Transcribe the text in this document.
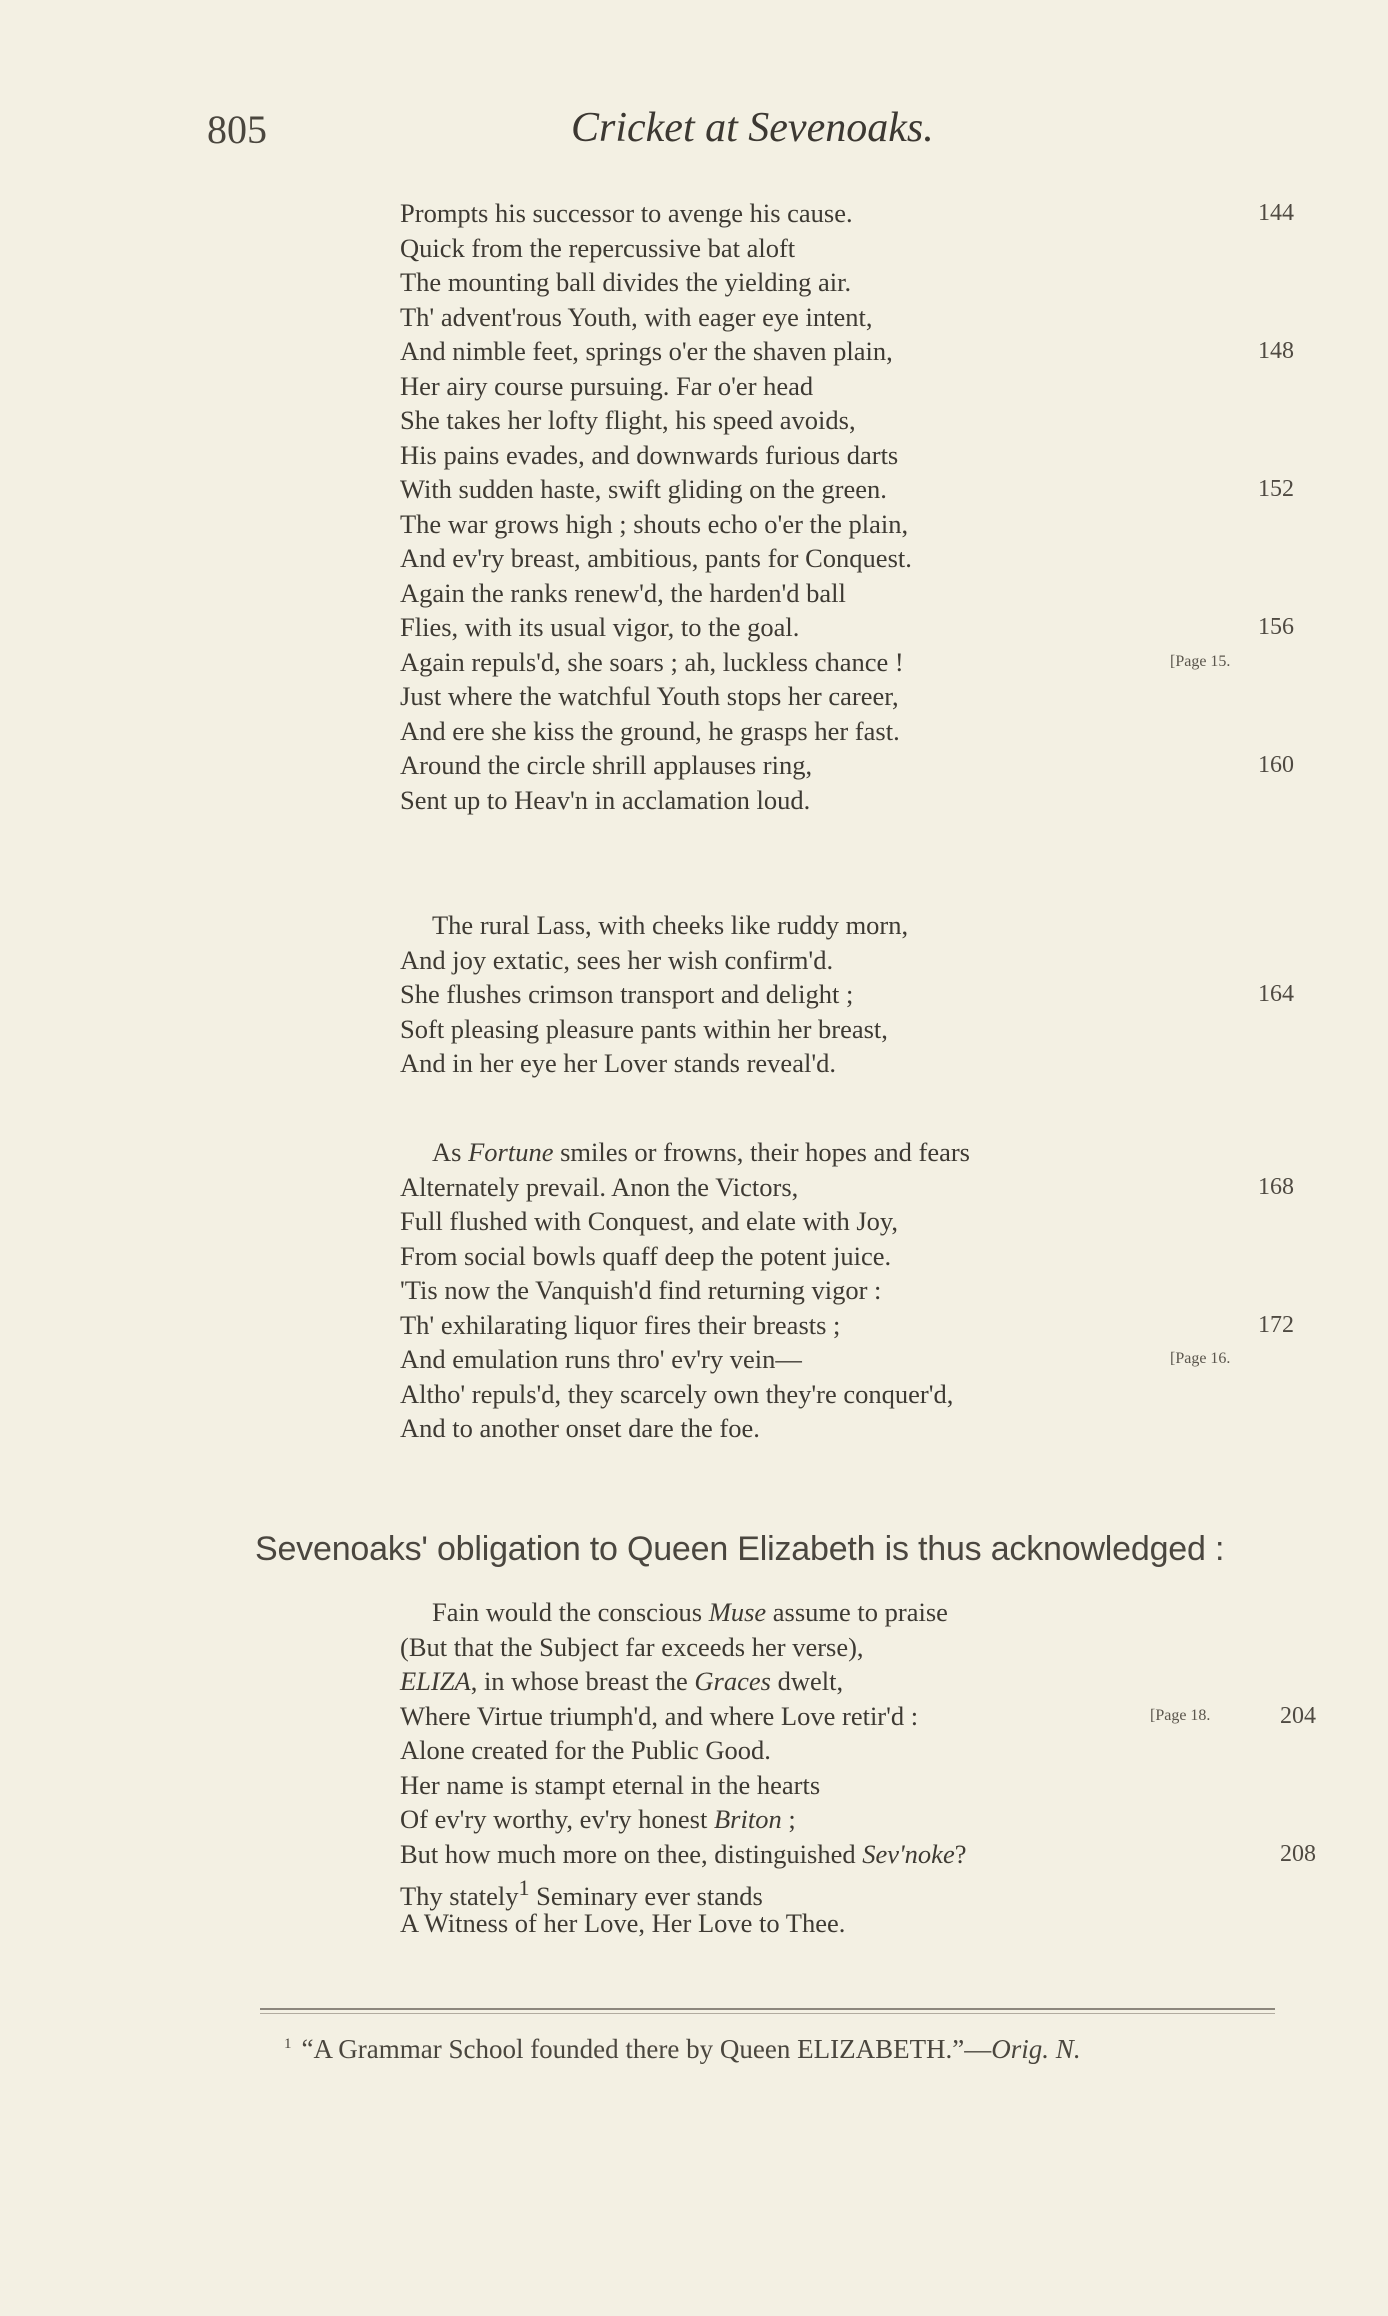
805	Cricket at Sevenoaks.
Prompts his successor to avenge his cause.	144
Quick from the repercussive bat aloft
The mounting ball divides the yielding air.
Th' advent'rous Youth, with eager eye intent,
And nimble feet, springs o'er the shaven plain,	148
Her airy course pursuing. Far o'er head
She takes her lofty flight, his speed avoids,
His pains evades, and downwards furious darts
With sudden haste, swift gliding on the green.	152
The war grows high ; shouts echo o'er the plain,
And ev'ry breast, ambitious, pants for Conquest.
Again the ranks renew'd, the harden'd ball
Flies, with its usual vigor, to the goal.	156
Again repuls'd, she soars ; ah, luckless chance !	[Page 15.
Just where the watchful Youth stops her career,
And ere she kiss the ground, he grasps her fast.
Around the circle shrill applauses ring,	160
Sent up to Heav'n in acclamation loud.
The rural Lass, with cheeks like ruddy morn,
And joy extatic, sees her wish confirm'd.
She flushes crimson transport and delight ;	164
Soft pleasing pleasure pants within her breast,
And in her eye her Lover stands reveal'd.
As Fortune smiles or frowns, their hopes and fears
Alternately prevail. Anon the Victors,	168
Full flushed with Conquest, and elate with Joy,
From social bowls quaff deep the potent juice.
'Tis now the Vanquish'd find returning vigor :
Th' exhilarating liquor fires their breasts ;	172
And emulation runs thro' ev'ry vein—	[Page 16.
Altho' repuls'd, they scarcely own they're conquer'd,
And to another onset dare the foe.
Sevenoaks' obligation to Queen Elizabeth is thus acknowledged :
Fain would the conscious Muse assume to praise
(But that the Subject far exceeds her verse),
ELIZA, in whose breast the Graces dwelt,
Where Virtue triumph'd, and where Love retir'd :	[Page 18.	204
Alone created for the Public Good.
Her name is stampt eternal in the hearts
Of ev'ry worthy, ev'ry honest Briton ;
But how much more on thee, distinguished Sev'noke?	208
Thy stately$^1$ Seminary ever stands
A Witness of her Love, Her Love to Thee.
$^1$ “A Grammar School founded there by Queen ELIZABETH.”—Orig. N.
